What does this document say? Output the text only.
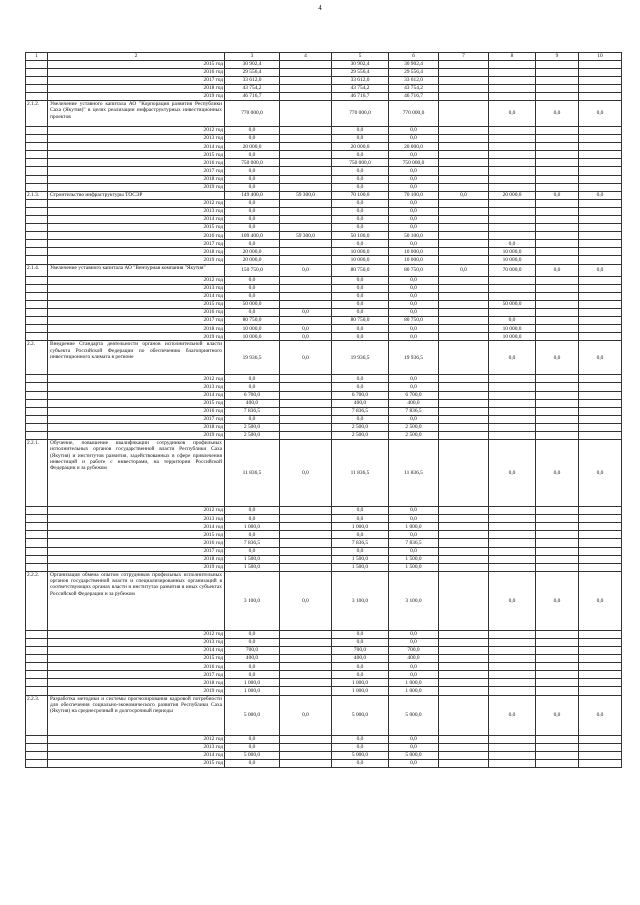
4
1	2	3	4	5	6	7	8	9	10
	2015 год	30 902,4		30 902,4	30 902,4				
	2016 год	29 556,4		29 556,4	29 556,4				
	2017 год	33 612,0		33 612,0	33 612,0				
	2018 год	43 754,2		43 754,2	43 754,2				
	2019 год	46 716,7		46 716,7	46 716,7				
2.1.2.	Увеличение уставного капитала АО "Корпорация развития Республики Саха (Якутия)" в целях реализации инфраструктурных инвестиционных проектов	770 000,0		770 000,0	770 000,0		0,0	0,0	0,0
	2012 год	0,0		0,0	0,0				
	2013 год	0,0		0,0	0,0				
	2014 год	20 000,0		20 000,0	20 000,0				
	2015 год	0,0		0,0	0,0				
	2016 год	750 000,0		750 000,0	750 000,0				
	2017 год	0,0		0,0	0,0				
	2018 год	0,0		0,0	0,0				
	2019 год	0,0		0,0	0,0				
2.1.3.	Строительство инфраструктуры ТОСЭР	149 400,0	59 300,0	70 100,0	70 100,0	0,0	20 000,0	0,0	0,0
	2012 год	0,0		0,0	0,0				
	2013 год	0,0		0,0	0,0				
	2014 год	0,0		0,0	0,0				
	2015 год	0,0		0,0	0,0				
	2016 год	109 400,0	59 300,0	50 100,0	50 100,0				
	2017 год	0,0		0,0	0,0		0,0		
	2018 год	20 000,0		10 000,0	10 000,0		10 000,0		
	2019 год	20 000,0		10 000,0	10 000,0		10 000,0		
2.1.4.	Увеличение уставного капитала АО "Венчурная компания "Якутия"	150 750,0	0,0	80 750,0	80 750,0	0,0	70 000,0	0,0	0,0
	2012 год	0,0		0,0	0,0				
	2013 год	0,0		0,0	0,0				
	2014 год	0,0		0,0	0,0				
	2015 год	50 000,0		0,0	0,0		50 000,0		
	2016 год	0,0	0,0	0,0	0,0				
	2017 год	80 750,0		80 750,0	80 750,0		0,0		
	2018 год	10 000,0	0,0	0,0	0,0		10 000,0		
	2019 год	10 000,0	0,0	0,0	0,0		10 000,0		
2.2.	Внедрение Стандарта деятельности органов исполнительной власти субъекта Российской Федерации по обеспечению благоприятного инвестиционного климата в регионе	19 936,5	0,0	19 936,5	19 936,5		0,0	0,0	0,0
	2012 год	0,0		0,0	0,0				
	2013 год	0,0		0,0	0,0				
	2014 год	6 700,0		6 700,0	6 700,0				
	2015 год	400,0		400,0	400,0				
	2016 год	7 836,5		7 836,5	7 836,5				
	2017 год	0,0		0,0	0,0				
	2018 год	2 500,0		2 500,0	2 500,0				
	2019 год	2 500,0		2 500,0	2 500,0				
2.2.1.	Обучение, повышение квалификации сотрудников профильных исполнительных органов государственной власти Республики Саха (Якутия) и институтов развития, задействованных в сфере привлечения инвестиций и работе с инвесторами, на территории Российской Федерации и за рубежом	11 836,5	0,0	11 836,5	11 836,5		0,0	0,0	0,0
	2012 год	0,0		0,0	0,0				
	2013 год	0,0		0,0	0,0				
	2014 год	1 000,0		1 000,0	1 000,0				
	2015 год	0,0		0,0	0,0				
	2016 год	7 836,5		7 836,5	7 836,5				
	2017 год	0,0		0,0	0,0				
	2018 год	1 500,0		1 500,0	1 500,0				
	2019 год	1 500,0		1 500,0	1 500,0				
2.2.2.	Организация обмена опытом сотрудников профильных исполнительных органов государственной власти и специализированных организаций в соответствующих органах власти и институтах развития в иных субъектах Российской Федерации и за рубежом	3 100,0	0,0	3 100,0	3 100,0		0,0	0,0	0,0
	2012 год	0,0		0,0	0,0				
	2013 год	0,0		0,0	0,0				
	2014 год	700,0		700,0	700,0				
	2015 год	400,0		400,0	400,0				
	2016 год	0,0		0,0	0,0				
	2017 год	0,0		0,0	0,0				
	2018 год	1 000,0		1 000,0	1 000,0				
	2019 год	1 000,0		1 000,0	1 000,0				
2.2.3.	Разработка методики и системы прогнозирования кадровой потребности для обеспечения социально-экономического развития Республики Саха (Якутия) на среднесрочный и долгосрочный периоды	5 000,0	0,0	5 000,0	5 000,0		0,0	0,0	0,0
	2012 год	0,0		0,0	0,0				
	2013 год	0,0		0,0	0,0				
	2014 год	5 000,0		5 000,0	5 000,0				
	2015 год	0,0		0,0	0,0				
